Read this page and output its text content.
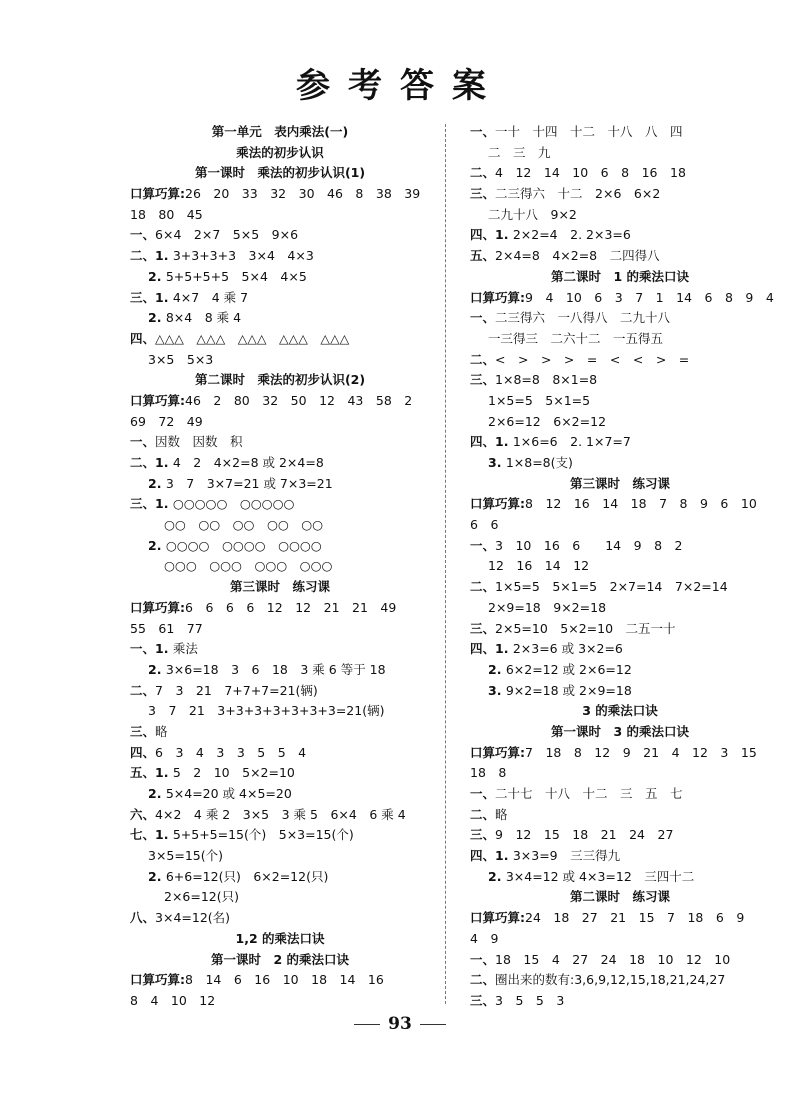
参考答案
第一单元　表内乘法(一)
乘法的初步认识
第一课时　乘法的初步认识(1)
口算巧算:26　20　33　32　30　46　8　38　39
18　80　45
一、6×4　2×7　5×5　9×6
二、1. 3+3+3+3　3×4　4×3
2. 5+5+5+5　5×4　4×5
三、1. 4×7　4 乘 7
2. 8×4　8 乘 4
四、△△△　△△△　△△△　△△△　△△△
3×5　5×3
第二课时　乘法的初步认识(2)
口算巧算:46　2　80　32　50　12　43　58　2
69　72　49
一、因数　因数　积
二、1. 4　2　4×2=8 或 2×4=8
2. 3　7　3×7=21 或 7×3=21
三、1. ○○○○○　○○○○○
○○　○○　○○　○○　○○
2. ○○○○　○○○○　○○○○
○○○　○○○　○○○　○○○
第三课时　练习课
口算巧算:6　6　6　6　12　12　21　21　49
55　61　77
一、1. 乘法
2. 3×6=18　3　6　18　3 乘 6 等于 18
二、7　3　21　7+7+7=21(辆)
3　7　21　3+3+3+3+3+3+3=21(辆)
三、略
四、6　3　4　3　3　5　5　4
五、1. 5　2　10　5×2=10
2. 5×4=20 或 4×5=20
六、4×2　4 乘 2　3×5　3 乘 5　6×4　6 乘 4
七、1. 5+5+5=15(个)　5×3=15(个)
3×5=15(个)
2. 6+6=12(只)　6×2=12(只)
2×6=12(只)
八、3×4=12(名)
1,2 的乘法口诀
第一课时　2 的乘法口诀
口算巧算:8　14　6　16　10　18　14　16
8　4　10　12
一、一十　十四　十二　十八　八　四
二　三　九
二、4　12　14　10　6　8　16　18
三、二三得六　十二　2×6　6×2
二九十八　9×2
四、1. 2×2=4　2. 2×3=6
五、2×4=8　4×2=8　二四得八
第二课时　1 的乘法口诀
口算巧算:9　4　10　6　3　7　1　14　6　8　9　4
一、二三得六　一八得八　二九十八
一三得三　二六十二　一五得五
二、<　>　>　>　=　<　<　>　=
三、1×8=8　8×1=8
1×5=5　5×1=5
2×6=12　6×2=12
四、1. 1×6=6　2. 1×7=7
3. 1×8=8(支)
第三课时　练习课
口算巧算:8　12　16　14　18　7　8　9　6　10
6　6
一、3　10　16　6　　14　9　8　2
12　16　14　12
二、1×5=5　5×1=5　2×7=14　7×2=14
2×9=18　9×2=18
三、2×5=10　5×2=10　二五一十
四、1. 2×3=6 或 3×2=6
2. 6×2=12 或 2×6=12
3. 9×2=18 或 2×9=18
3 的乘法口诀
第一课时　3 的乘法口诀
口算巧算:7　18　8　12　9　21　4　12　3　15
18　8
一、二十七　十八　十二　三　五　七
二、略
三、9　12　15　18　21　24　27
四、1. 3×3=9　三三得九
2. 3×4=12 或 4×3=12　三四十二
第二课时　练习课
口算巧算:24　18　27　21　15　7　18　6　9
4　9
一、18　15　4　27　24　18　10　12　10
二、圈出来的数有:3,6,9,12,15,18,21,24,27
三、3　5　5　3
93
